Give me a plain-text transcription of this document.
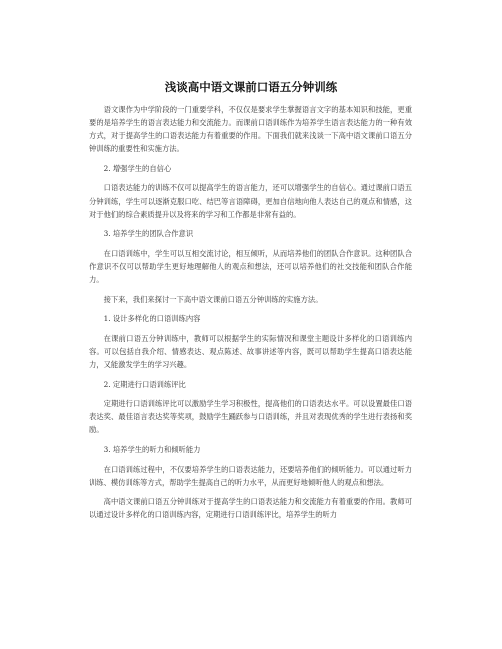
浅谈高中语文课前口语五分钟训练

语文课作为中学阶段的一门重要学科，不仅仅是要求学生掌握语言文字的基本知识和技能，更重要的是培养学生的语言表达能力和交流能力。而课前口语训练作为培养学生语言表达能力的一种有效方式，对于提高学生的口语表达能力有着重要的作用。下面我们就来浅谈一下高中语文课前口语五分钟训练的重要性和实施方法。

2. 增强学生的自信心

口语表达能力的训练不仅可以提高学生的语言能力，还可以增强学生的自信心。通过课前口语五分钟训练，学生可以逐渐克服口吃、结巴等言语障碍，更加自信地向他人表达自己的观点和情感，这对于他们的综合素质提升以及将来的学习和工作都是非常有益的。

3. 培养学生的团队合作意识

在口语训练中，学生可以互相交流讨论，相互倾听，从而培养他们的团队合作意识。这种团队合作意识不仅可以帮助学生更好地理解他人的观点和想法，还可以培养他们的社交技能和团队合作能力。

接下来，我们来探讨一下高中语文课前口语五分钟训练的实施方法。

1. 设计多样化的口语训练内容

在课前口语五分钟训练中，教师可以根据学生的实际情况和课堂主题设计多样化的口语训练内容。可以包括自我介绍、情感表达、观点陈述、故事讲述等内容，既可以帮助学生提高口语表达能力，又能激发学生的学习兴趣。

2. 定期进行口语训练评比

定期进行口语训练评比可以激励学生学习积极性，提高他们的口语表达水平。可以设置最佳口语表达奖、最佳语言表达奖等奖项，鼓励学生踊跃参与口语训练，并且对表现优秀的学生进行表扬和奖励。

3. 培养学生的听力和倾听能力

在口语训练过程中，不仅要培养学生的口语表达能力，还要培养他们的倾听能力。可以通过听力训练、模仿训练等方式，帮助学生提高自己的听力水平，从而更好地倾听他人的观点和想法。

高中语文课前口语五分钟训练对于提高学生的口语表达能力和交流能力有着重要的作用。教师可以通过设计多样化的口语训练内容，定期进行口语训练评比，培养学生的听力
